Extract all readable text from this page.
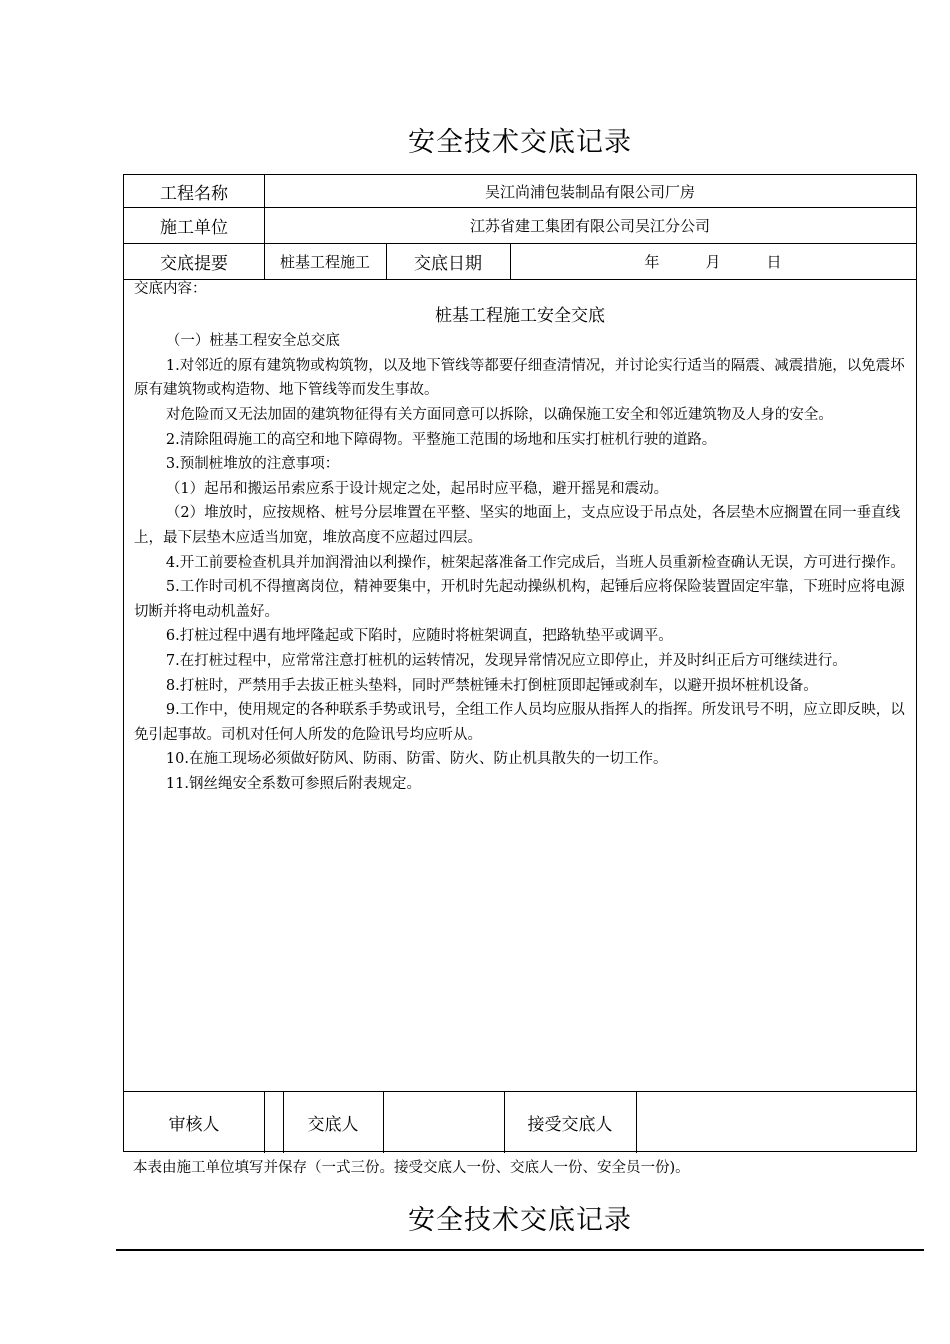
安全技术交底记录
工程名称	吴江尚浦包装制品有限公司厂房
施工单位	江苏省建工集团有限公司吴江分公司
交底提要	桩基工程施工	交底日期	年	月	日

交底内容：

桩基工程施工安全交底

（一）桩基工程安全总交底

1.对邻近的原有建筑物或构筑物，以及地下管线等都要仔细查清情况，并讨论实行适当的隔震、减震措施，以免震坏原有建筑物或构造物、地下管线等而发生事故。

对危险而又无法加固的建筑物征得有关方面同意可以拆除，以确保施工安全和邻近建筑物及人身的安全。

2.清除阻碍施工的高空和地下障碍物。平整施工范围的场地和压实打桩机行驶的道路。

3.预制桩堆放的注意事项：

（1）起吊和搬运吊索应系于设计规定之处，起吊时应平稳，避开摇晃和震动。

（2）堆放时，应按规格、桩号分层堆置在平整、坚实的地面上，支点应设于吊点处，各层垫木应搁置在同一垂直线上，最下层垫木应适当加宽，堆放高度不应超过四层。

4.开工前要检查机具并加润滑油以利操作，桩架起落准备工作完成后，当班人员重新检查确认无误，方可进行操作。

5.工作时司机不得擅离岗位，精神要集中，开机时先起动操纵机构，起锤后应将保险装置固定牢靠，下班时应将电源切断并将电动机盖好。

6.打桩过程中遇有地坪隆起或下陷时，应随时将桩架调直，把路轨垫平或调平。

7.在打桩过程中，应常常注意打桩机的运转情况，发现异常情况应立即停止，并及时纠正后方可继续进行。

8.打桩时，严禁用手去拔正桩头垫料，同时严禁桩锤未打倒桩顶即起锤或刹车，以避开损坏桩机设备。

9.工作中，使用规定的各种联系手势或讯号，全组工作人员均应服从指挥人的指挥。所发讯号不明，应立即反映，以免引起事故。司机对任何人所发的危险讯号均应听从。

10.在施工现场必须做好防风、防雨、防雷、防火、防止机具散失的一切工作。

11.钢丝绳安全系数可参照后附表规定。

审核人	交底人	接受交底人
本表由施工单位填写并保存（一式三份。接受交底人一份、交底人一份、安全员一份)。
安全技术交底记录
